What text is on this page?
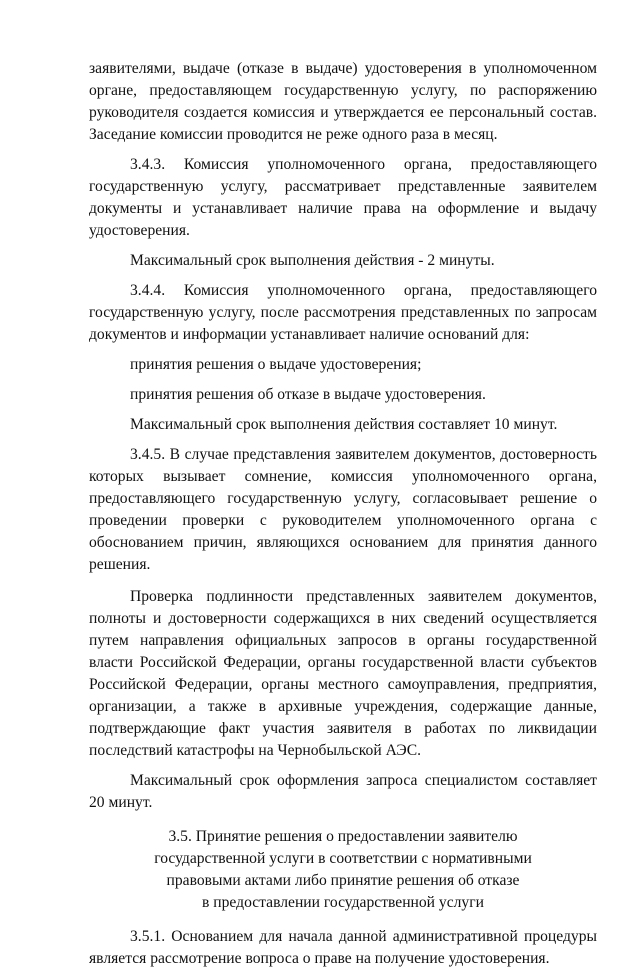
заявителями, выдаче (отказе в выдаче) удостоверения в уполномоченном органе, предоставляющем государственную услугу, по распоряжению руководителя создается комиссия и утверждается ее персональный состав. Заседание комиссии проводится не реже одного раза в месяц.

3.4.3. Комиссия уполномоченного органа, предоставляющего государственную услугу, рассматривает представленные заявителем документы и устанавливает наличие права на оформление и выдачу удостоверения.

Максимальный срок выполнения действия - 2 минуты.

3.4.4. Комиссия уполномоченного органа, предоставляющего государственную услугу, после рассмотрения представленных по запросам документов и информации устанавливает наличие оснований для:

принятия решения о выдаче удостоверения;

принятия решения об отказе в выдаче удостоверения.

Максимальный срок выполнения действия составляет 10 минут.

3.4.5. В случае представления заявителем документов, достоверность которых вызывает сомнение, комиссия уполномоченного органа, предоставляющего государственную услугу, согласовывает решение о проведении проверки с руководителем уполномоченного органа с обоснованием причин, являющихся основанием для принятия данного решения.

Проверка подлинности представленных заявителем документов, полноты и достоверности содержащихся в них сведений осуществляется путем направления официальных запросов в органы государственной власти Российской Федерации, органы государственной власти субъектов Российской Федерации, органы местного самоуправления, предприятия, организации, а также в архивные учреждения, содержащие данные, подтверждающие факт участия заявителя в работах по ликвидации последствий катастрофы на Чернобыльской АЭС.

Максимальный срок оформления запроса специалистом составляет 20 минут.

3.5. Принятие решения о предоставлении заявителю
государственной услуги в соответствии с нормативными
правовыми актами либо принятие решения об отказе
в предоставлении государственной услуги

3.5.1. Основанием для начала данной административной процедуры является рассмотрение вопроса о праве на получение удостоверения.
